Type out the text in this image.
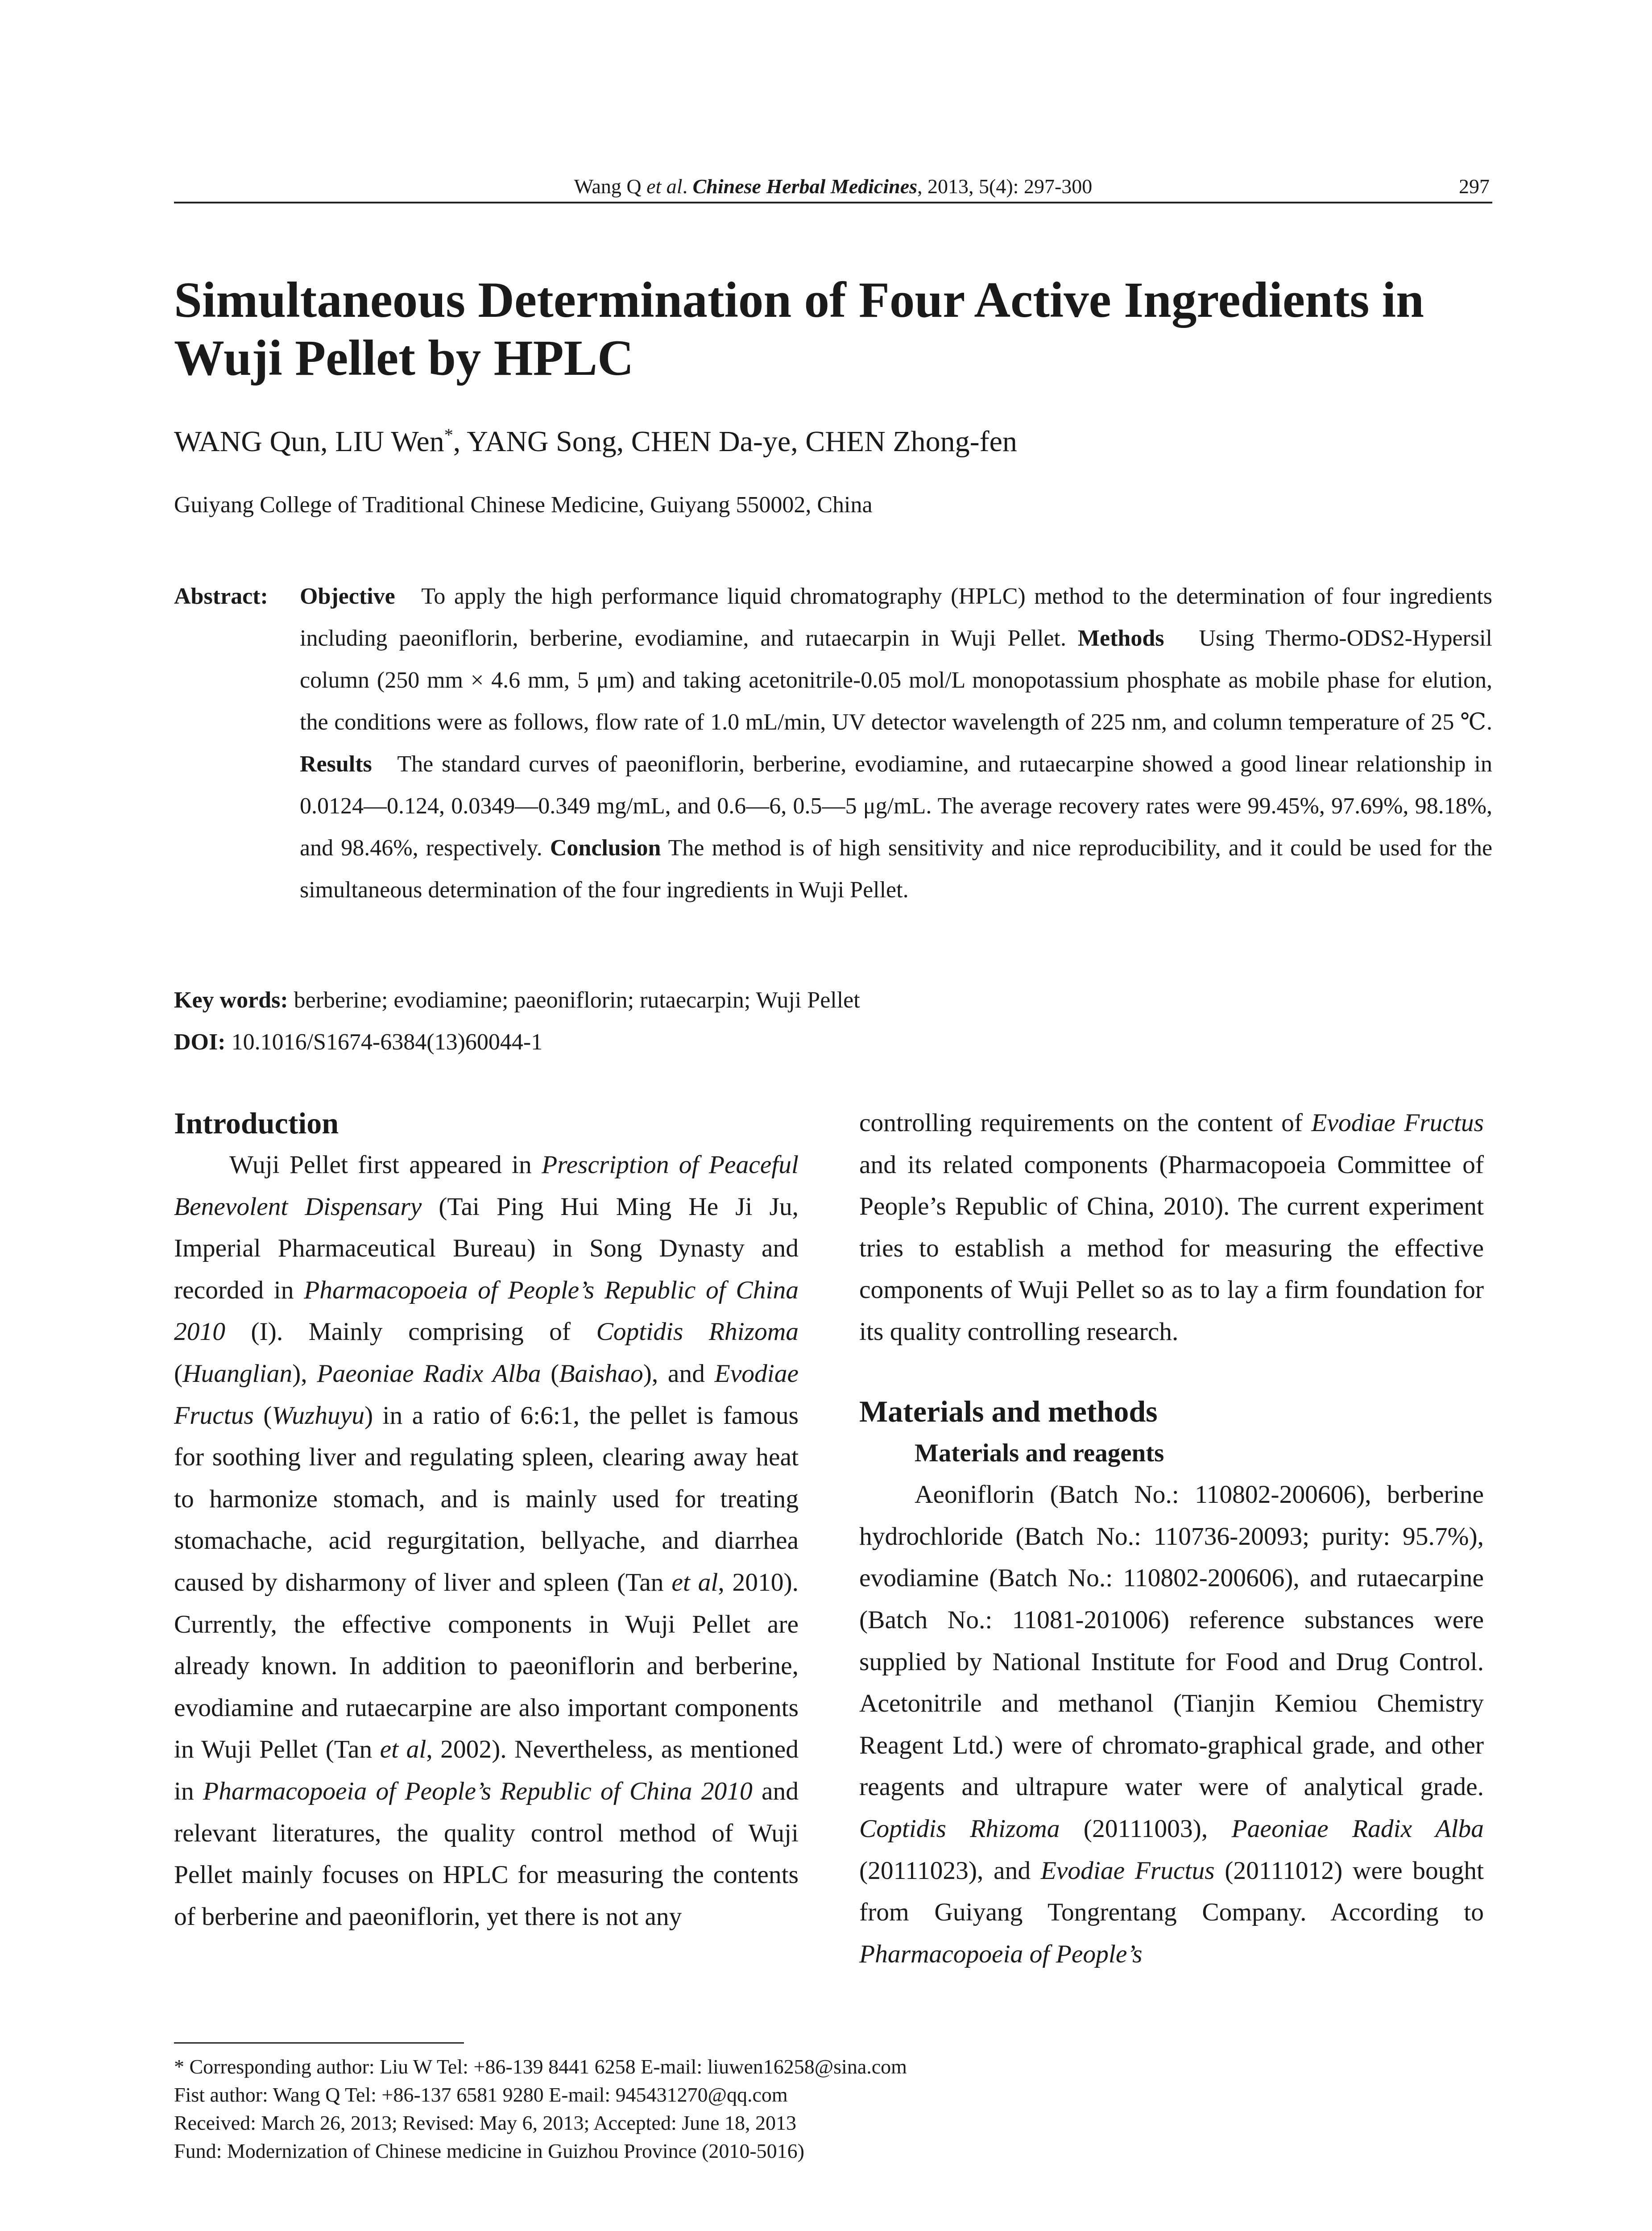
Wang Q et al. Chinese Herbal Medicines, 2013, 5(4): 297-300	297
Simultaneous Determination of Four Active Ingredients in Wuji Pellet by HPLC
WANG Qun, LIU Wen*, YANG Song, CHEN Da-ye, CHEN Zhong-fen
Guiyang College of Traditional Chinese Medicine, Guiyang 550002, China
Abstract: Objective To apply the high performance liquid chromatography (HPLC) method to the determination of four ingredients including paeoniflorin, berberine, evodiamine, and rutaecarpin in Wuji Pellet. Methods Using Thermo-ODS2-Hypersil column (250 mm × 4.6 mm, 5 μm) and taking acetonitrile-0.05 mol/L monopotassium phosphate as mobile phase for elution, the conditions were as follows, flow rate of 1.0 mL/min, UV detector wavelength of 225 nm, and column temperature of 25 ℃. Results The standard curves of paeoniflorin, berberine, evodiamine, and rutaecarpine showed a good linear relationship in 0.0124—0.124, 0.0349—0.349 mg/mL, and 0.6—6, 0.5—5 μg/mL. The average recovery rates were 99.45%, 97.69%, 98.18%, and 98.46%, respectively. Conclusion The method is of high sensitivity and nice reproducibility, and it could be used for the simultaneous determination of the four ingredients in Wuji Pellet.
Key words: berberine; evodiamine; paeoniflorin; rutaecarpin; Wuji Pellet
DOI: 10.1016/S1674-6384(13)60044-1
Introduction

Wuji Pellet first appeared in Prescription of Peaceful Benevolent Dispensary (Tai Ping Hui Ming He Ji Ju, Imperial Pharmaceutical Bureau) in Song Dynasty and recorded in Pharmacopoeia of People’s Republic of China 2010 (I). Mainly comprising of Coptidis Rhizoma (Huanglian), Paeoniae Radix Alba (Baishao), and Evodiae Fructus (Wuzhuyu) in a ratio of 6:6:1, the pellet is famous for soothing liver and regulating spleen, clearing away heat to harmonize stomach, and is mainly used for treating stomachache, acid regurgitation, bellyache, and diarrhea caused by disharmony of liver and spleen (Tan et al, 2010). Currently, the effective components in Wuji Pellet are already known. In addition to paeoniflorin and berberine, evodiamine and rutaecarpine are also important components in Wuji Pellet (Tan et al, 2002). Nevertheless, as mentioned in Pharmacopoeia of People’s Republic of China 2010 and relevant literatures, the quality control method of Wuji Pellet mainly focuses on HPLC for measuring the contents of berberine and paeoniflorin, yet there is not any

controlling requirements on the content of Evodiae Fructus and its related components (Pharmacopoeia Committee of People’s Republic of China, 2010). The current experiment tries to establish a method for measuring the effective components of Wuji Pellet so as to lay a firm foundation for its quality controlling research.

Materials and methods
Materials and reagents

Aeoniflorin (Batch No.: 110802-200606), berberine hydrochloride (Batch No.: 110736-20093; purity: 95.7%), evodiamine (Batch No.: 110802-200606), and rutaecarpine (Batch No.: 11081-201006) reference substances were supplied by National Institute for Food and Drug Control. Acetonitrile and methanol (Tianjin Kemiou Chemistry Reagent Ltd.) were of chromato-graphical grade, and other reagents and ultrapure water were of analytical grade. Coptidis Rhizoma (20111003), Paeoniae Radix Alba (20111023), and Evodiae Fructus (20111012) were bought from Guiyang Tongrentang Company. According to Pharmacopoeia of People’s

* Corresponding author: Liu W Tel: +86-139 8441 6258 E-mail: liuwen16258@sina.com
Fist author: Wang Q Tel: +86-137 6581 9280 E-mail: 945431270@qq.com
Received: March 26, 2013; Revised: May 6, 2013; Accepted: June 18, 2013
Fund: Modernization of Chinese medicine in Guizhou Province (2010-5016)
